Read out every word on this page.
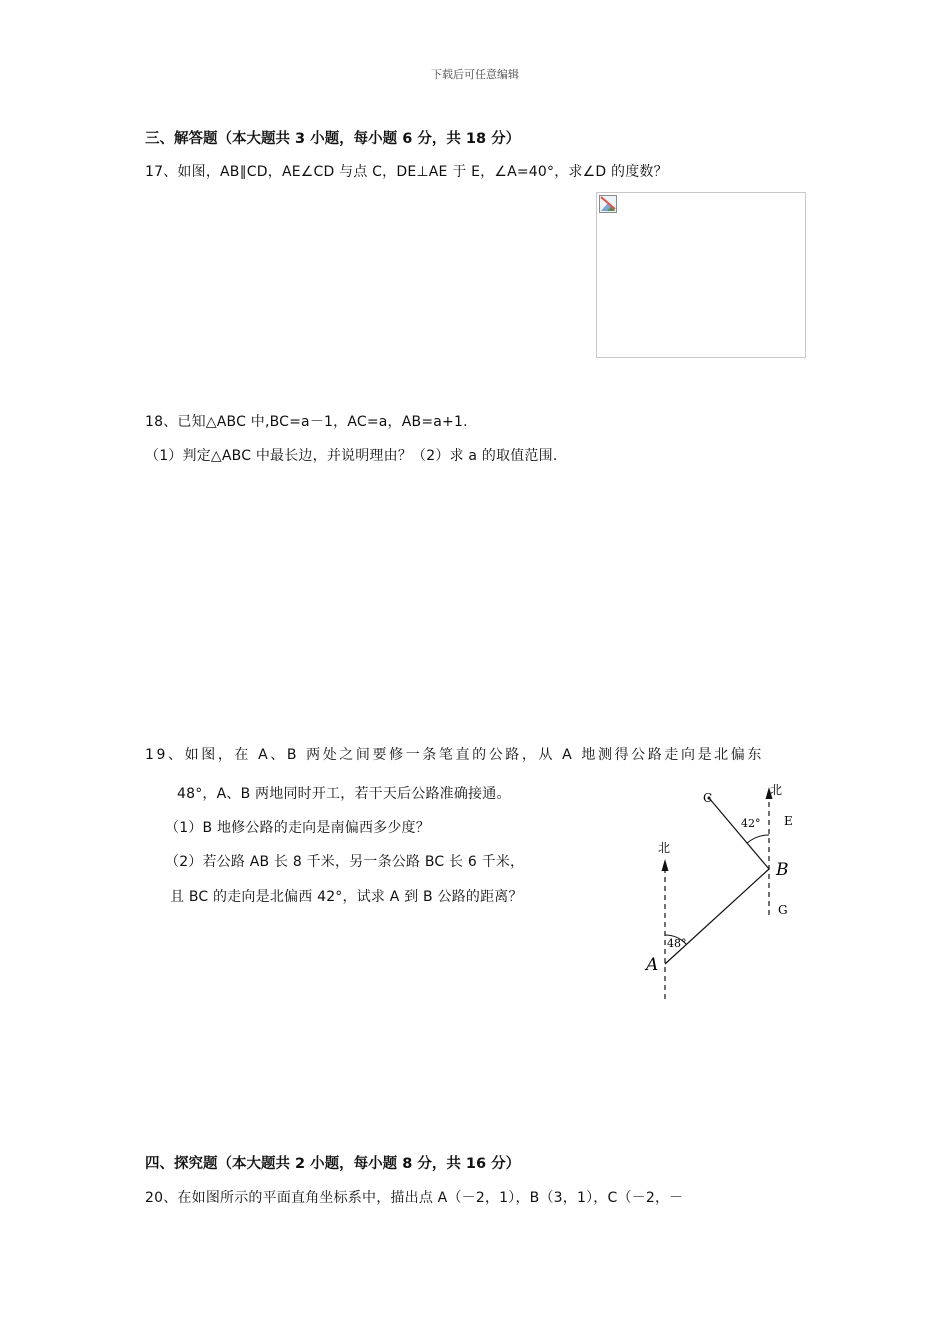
下载后可任意编辑
三、解答题（本大题共 3 小题，每小题 6 分，共 18 分）
17、如图，AB∥CD，AE∠CD 与点 C，DE⊥AE 于 E，∠A=40°，求∠D 的度数？
18、已知△ABC 中,BC=a－1，AC=a，AB=a+1.
（1）判定△ABC 中最长边，并说明理由？（2）求 a 的取值范围.
19、如图，在 A、B 两处之间要修一条笔直的公路，从 A 地测得公路走向是北偏东
48°，A、B 两地同时开工，若干天后公路准确接通。
（1）B 地修公路的走向是南偏西多少度？
（2）若公路 AB 长 8 千米，另一条公路 BC 长 6 千米，
且 BC 的走向是北偏西 42°，试求 A 到 B 公路的距离？
北
北
A
B
C
E
G
48°
42°
四、探究题（本大题共 2 小题，每小题 8 分，共 16 分）
20、在如图所示的平面直角坐标系中，描出点 A（－2，1），B（3，1），C（－2，－
